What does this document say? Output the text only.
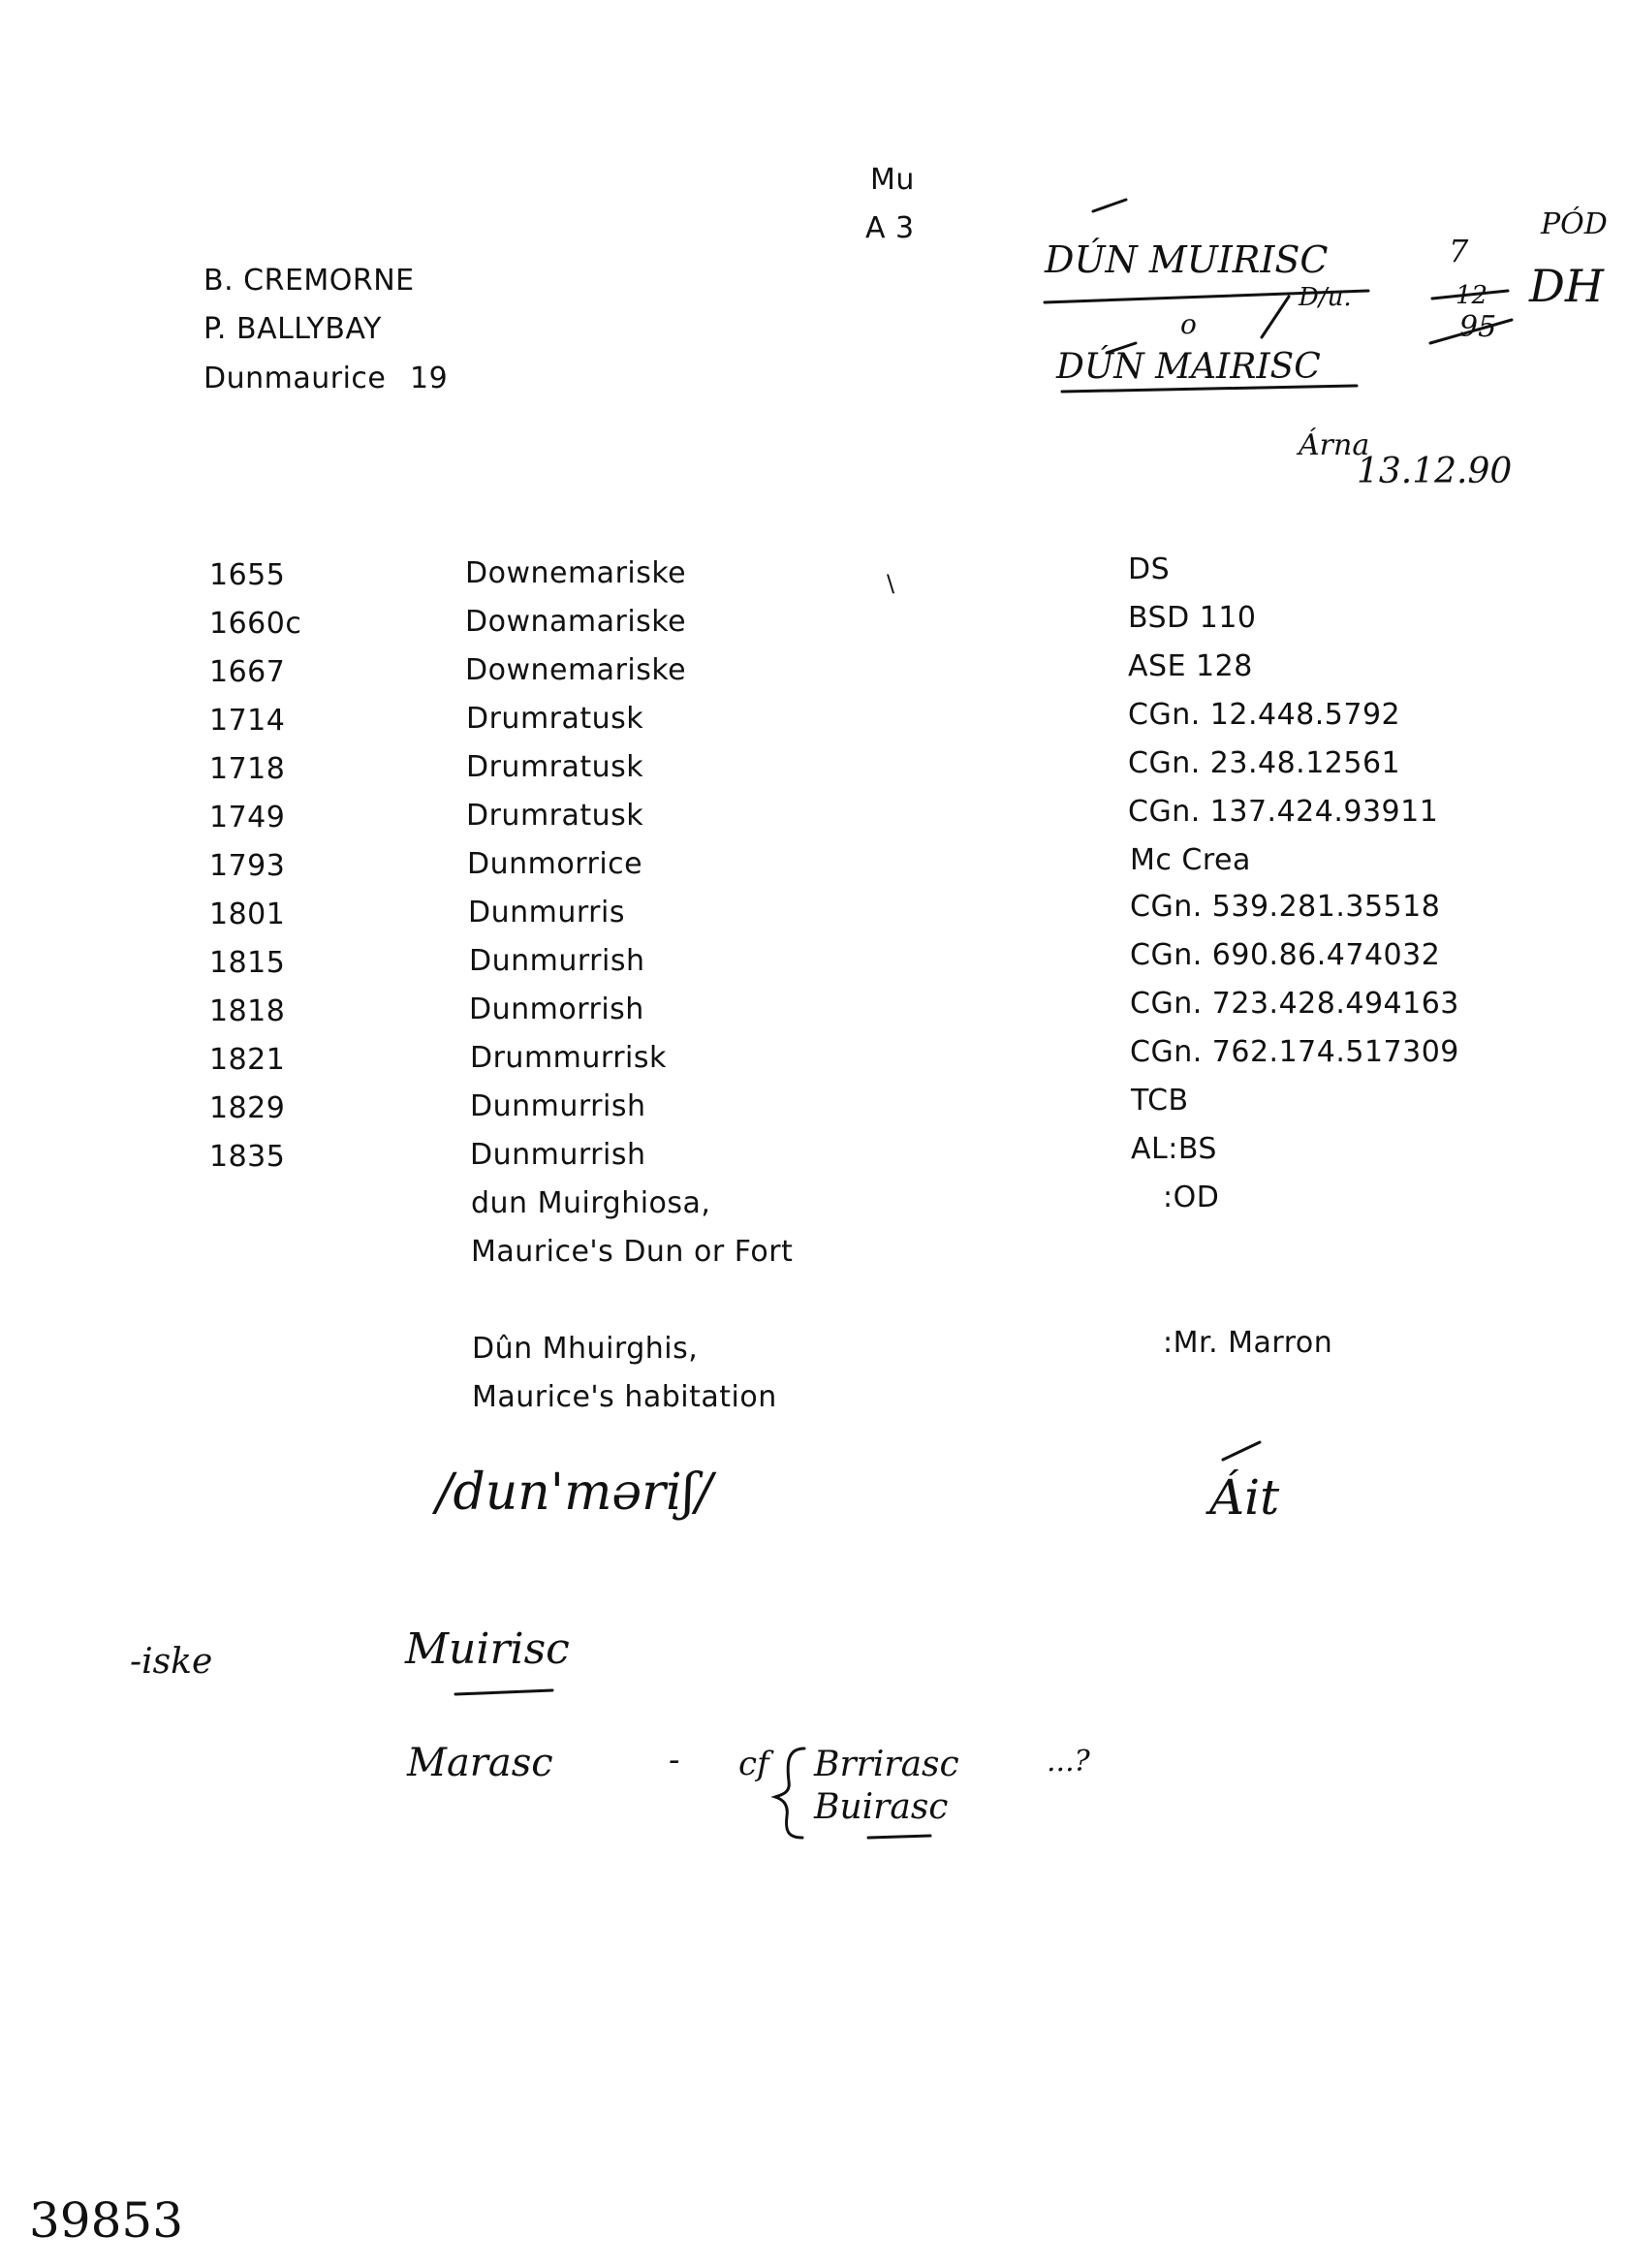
Mu
A 3
B. CREMORNE
P. BALLYBAY
Dunmaurice 19
DÚN MUIRISC
o
D/u.
DÚN MAIRISC
7
12
95
PÓD
DH
Árna
13.12.90
\
1655	Downemariske	DS
1660c	Downamariske	BSD 110
1667	Downemariske	ASE 128
1714	Drumratusk	CGn. 12.448.5792
1718	Drumratusk	CGn. 23.48.12561
1749	Drumratusk	CGn. 137.424.93911
1793	Dunmorrice	Mc Crea
1801	Dunmurris	CGn. 539.281.35518
1815	Dunmurrish	CGn. 690.86.474032
1818	Dunmorrish	CGn. 723.428.494163
1821	Drummurrisk	CGn. 762.174.517309
1829	Dunmurrish	TCB
1835	Dunmurrish	AL:BS
dun Muirghiosa,
Maurice's Dun or Fort
:OD
Dûn Mhuirghis,
Maurice's habitation
:Mr. Marron
/dun'məriʃ/	Áit
-iske	Muirisc
Marasc	- cf Brrirasc
Buirasc
...?
39853
